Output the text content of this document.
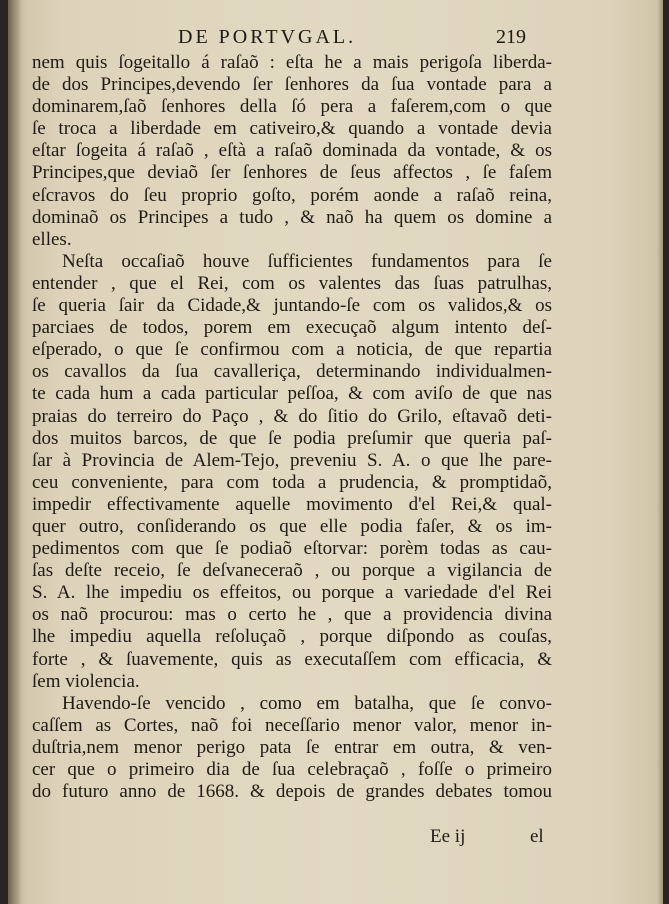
DE PORTVGAL.	219
nem quis ſogeitallo á raſaõ : eſta he a mais perigoſa liberda-
de dos Principes,devendo ſer ſenhores da ſua vontade para a
dominarem,ſaõ ſenhores della ſó pera a faſerem,com o que
ſe troca a liberdade em cativeiro,& quando a vontade devia
eſtar ſogeita á raſaõ , eſtà a raſaõ dominada da vontade, & os
Principes,que deviaõ ſer ſenhores de ſeus affectos , ſe faſem
eſcravos do ſeu proprio goſto, porém aonde a raſaõ reina,
dominaõ os Principes a tudo , & naõ ha quem os domine a
elles.
Neſta occaſiaõ houve ſufficientes fundamentos para ſe
entender , que el Rei, com os valentes das ſuas patrulhas,
ſe queria ſair da Cidade,& juntando-ſe com os validos,& os
parciaes de todos, porem em execuçaõ algum intento deſ-
eſperado, o que ſe confirmou com a noticia, de que repartia
os cavallos da ſua cavalleriça, determinando individualmen-
te cada hum a cada particular peſſoa, & com aviſo de que nas
praias do terreiro do Paço , & do ſitio do Grilo, eſtavaõ deti-
dos muitos barcos, de que ſe podia preſumir que queria paſ-
ſar à Provincia de Alem-Tejo, preveniu S. A. o que lhe pare-
ceu conveniente, para com toda a prudencia, & promptidaõ,
impedir effectivamente aquelle movimento d'el Rei,& qual-
quer outro, conſiderando os que elle podia faſer, & os im-
pedimentos com que ſe podiaõ eſtorvar: porèm todas as cau-
ſas deſte receio, ſe deſvaneceraõ , ou porque a vigilancia de
S. A. lhe impediu os effeitos, ou porque a variedade d'el Rei
os naõ procurou: mas o certo he , que a providencia divina
lhe impediu aquella reſoluçaõ , porque diſpondo as couſas,
forte , & ſuavemente, quis as executaſſem com efficacia, &
ſem violencia.
Havendo-ſe vencido , como em batalha, que ſe convo-
caſſem as Cortes, naõ foi neceſſario menor valor, menor in-
duſtria,nem menor perigo pata ſe entrar em outra, & ven-
cer que o primeiro dia de ſua celebraçaõ , foſſe o primeiro
do futuro anno de 1668. & depois de grandes debates tomou
Ee ij	el
